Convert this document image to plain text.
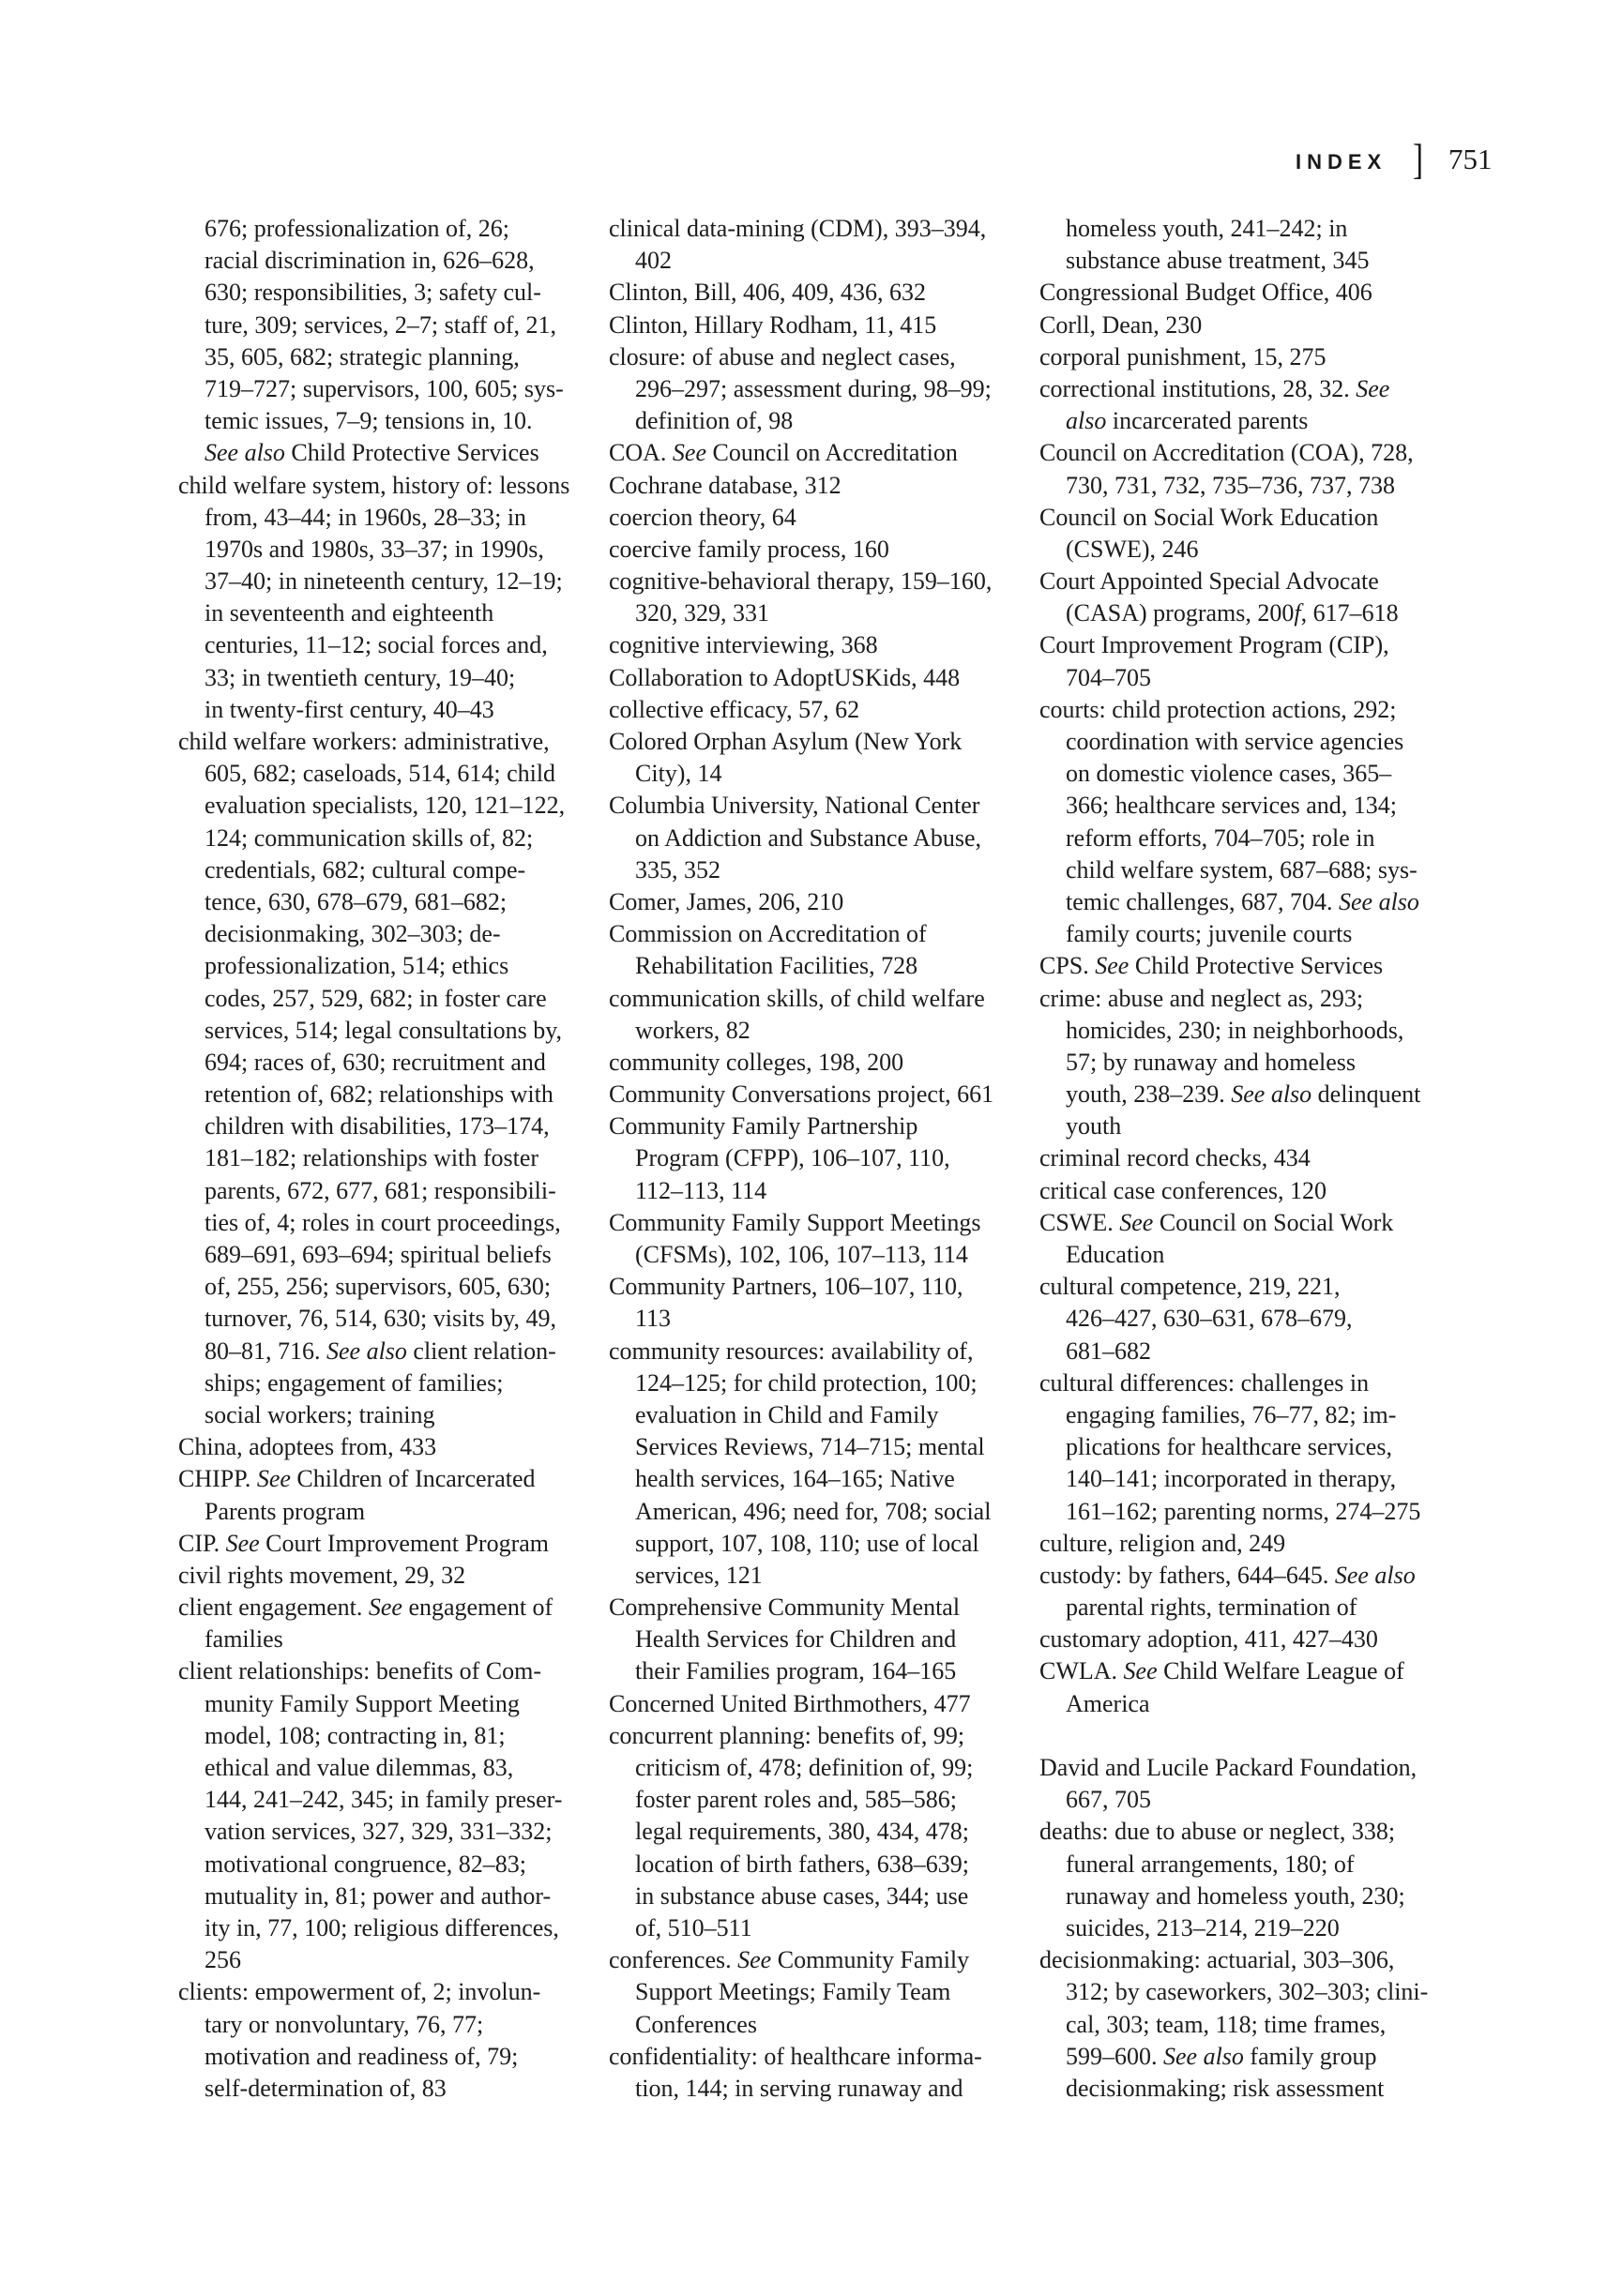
INDEX ] 751
676; professionalization of, 26;
racial discrimination in, 626–628,
630; responsibilities, 3; safety cul-
ture, 309; services, 2–7; staff of, 21,
35, 605, 682; strategic planning,
719–727; supervisors, 100, 605; sys-
temic issues, 7–9; tensions in, 10.
See also Child Protective Services
child welfare system, history of: lessons
from, 43–44; in 1960s, 28–33; in
1970s and 1980s, 33–37; in 1990s,
37–40; in nineteenth century, 12–19;
in seventeenth and eighteenth
centuries, 11–12; social forces and,
33; in twentieth century, 19–40;
in twenty-first century, 40–43
child welfare workers: administrative,
605, 682; caseloads, 514, 614; child
evaluation specialists, 120, 121–122,
124; communication skills of, 82;
credentials, 682; cultural compe-
tence, 630, 678–679, 681–682;
decisionmaking, 302–303; de-
professionalization, 514; ethics
codes, 257, 529, 682; in foster care
services, 514; legal consultations by,
694; races of, 630; recruitment and
retention of, 682; relationships with
children with disabilities, 173–174,
181–182; relationships with foster
parents, 672, 677, 681; responsibili-
ties of, 4; roles in court proceedings,
689–691, 693–694; spiritual beliefs
of, 255, 256; supervisors, 605, 630;
turnover, 76, 514, 630; visits by, 49,
80–81, 716. See also client relation-
ships; engagement of families;
social workers; training
China, adoptees from, 433
CHIPP. See Children of Incarcerated
Parents program
CIP. See Court Improvement Program
civil rights movement, 29, 32
client engagement. See engagement of
families
client relationships: benefits of Com-
munity Family Support Meeting
model, 108; contracting in, 81;
ethical and value dilemmas, 83,
144, 241–242, 345; in family preser-
vation services, 327, 329, 331–332;
motivational congruence, 82–83;
mutuality in, 81; power and author-
ity in, 77, 100; religious differences,
256
clients: empowerment of, 2; involun-
tary or nonvoluntary, 76, 77;
motivation and readiness of, 79;
self-determination of, 83
clinical data-mining (CDM), 393–394,
402
Clinton, Bill, 406, 409, 436, 632
Clinton, Hillary Rodham, 11, 415
closure: of abuse and neglect cases,
296–297; assessment during, 98–99;
definition of, 98
COA. See Council on Accreditation
Cochrane database, 312
coercion theory, 64
coercive family process, 160
cognitive-behavioral therapy, 159–160,
320, 329, 331
cognitive interviewing, 368
Collaboration to AdoptUSKids, 448
collective efficacy, 57, 62
Colored Orphan Asylum (New York
City), 14
Columbia University, National Center
on Addiction and Substance Abuse,
335, 352
Comer, James, 206, 210
Commission on Accreditation of
Rehabilitation Facilities, 728
communication skills, of child welfare
workers, 82
community colleges, 198, 200
Community Conversations project, 661
Community Family Partnership
Program (CFPP), 106–107, 110,
112–113, 114
Community Family Support Meetings
(CFSMs), 102, 106, 107–113, 114
Community Partners, 106–107, 110,
113
community resources: availability of,
124–125; for child protection, 100;
evaluation in Child and Family
Services Reviews, 714–715; mental
health services, 164–165; Native
American, 496; need for, 708; social
support, 107, 108, 110; use of local
services, 121
Comprehensive Community Mental
Health Services for Children and
their Families program, 164–165
Concerned United Birthmothers, 477
concurrent planning: benefits of, 99;
criticism of, 478; definition of, 99;
foster parent roles and, 585–586;
legal requirements, 380, 434, 478;
location of birth fathers, 638–639;
in substance abuse cases, 344; use
of, 510–511
conferences. See Community Family
Support Meetings; Family Team
Conferences
confidentiality: of healthcare informa-
tion, 144; in serving runaway and
homeless youth, 241–242; in
substance abuse treatment, 345
Congressional Budget Office, 406
Corll, Dean, 230
corporal punishment, 15, 275
correctional institutions, 28, 32. See
also incarcerated parents
Council on Accreditation (COA), 728,
730, 731, 732, 735–736, 737, 738
Council on Social Work Education
(CSWE), 246
Court Appointed Special Advocate
(CASA) programs, 200f, 617–618
Court Improvement Program (CIP),
704–705
courts: child protection actions, 292;
coordination with service agencies
on domestic violence cases, 365–
366; healthcare services and, 134;
reform efforts, 704–705; role in
child welfare system, 687–688; sys-
temic challenges, 687, 704. See also
family courts; juvenile courts
CPS. See Child Protective Services
crime: abuse and neglect as, 293;
homicides, 230; in neighborhoods,
57; by runaway and homeless
youth, 238–239. See also delinquent
youth
criminal record checks, 434
critical case conferences, 120
CSWE. See Council on Social Work
Education
cultural competence, 219, 221,
426–427, 630–631, 678–679,
681–682
cultural differences: challenges in
engaging families, 76–77, 82; im-
plications for healthcare services,
140–141; incorporated in therapy,
161–162; parenting norms, 274–275
culture, religion and, 249
custody: by fathers, 644–645. See also
parental rights, termination of
customary adoption, 411, 427–430
CWLA. See Child Welfare League of
America
David and Lucile Packard Foundation,
667, 705
deaths: due to abuse or neglect, 338;
funeral arrangements, 180; of
runaway and homeless youth, 230;
suicides, 213–214, 219–220
decisionmaking: actuarial, 303–306,
312; by caseworkers, 302–303; clini-
cal, 303; team, 118; time frames,
599–600. See also family group
decisionmaking; risk assessment
